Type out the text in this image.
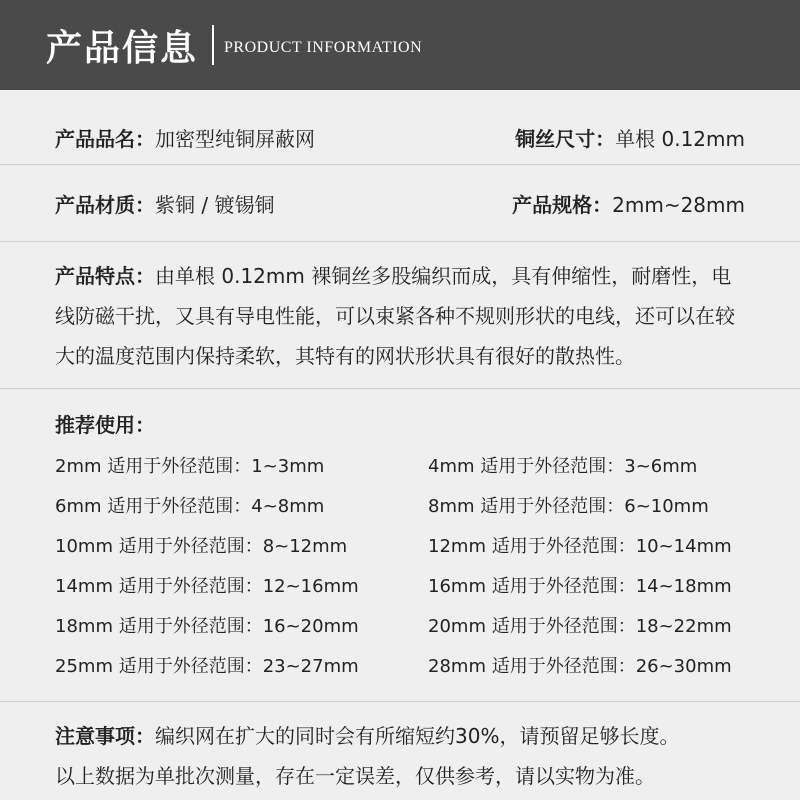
产品信息 PRODUCT INFORMATION
产品品名：加密型纯铜屏蔽网	铜丝尺寸：单根 0.12mm
产品材质：紫铜 / 镀锡铜	产品规格：2mm~28mm
产品特点：由单根 0.12mm 裸铜丝多股编织而成，具有伸缩性，耐磨性，电线防磁干扰，又具有导电性能，可以束紧各种不规则形状的电线，还可以在较大的温度范围内保持柔软，其特有的网状形状具有很好的散热性。
推荐使用：
2mm 适用于外径范围：1~3mm	4mm 适用于外径范围：3~6mm
6mm 适用于外径范围：4~8mm	8mm 适用于外径范围：6~10mm
10mm 适用于外径范围：8~12mm	12mm 适用于外径范围：10~14mm
14mm 适用于外径范围：12~16mm	16mm 适用于外径范围：14~18mm
18mm 适用于外径范围：16~20mm	20mm 适用于外径范围：18~22mm
25mm 适用于外径范围：23~27mm	28mm 适用于外径范围：26~30mm
注意事项：编织网在扩大的同时会有所缩短约30%，请预留足够长度。
以上数据为单批次测量，存在一定误差，仅供参考，请以实物为准。
